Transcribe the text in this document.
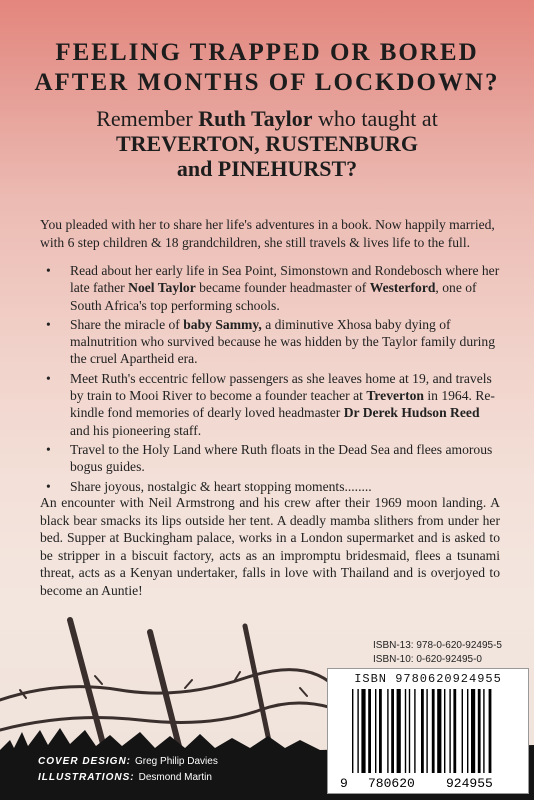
FEELING TRAPPED OR BORED
AFTER MONTHS OF LOCKDOWN?
Remember Ruth Taylor who taught at
TREVERTON, RUSTENBURG
and PINEHURST?

You pleaded with her to share her life's adventures in a book. Now happily married, with 6 step children & 18 grandchildren, she still travels & lives life to the full.

• Read about her early life in Sea Point, Simonstown and Rondebosch where her late father Noel Taylor became founder headmaster of Westerford, one of South Africa's top performing schools.
• Share the miracle of baby Sammy, a diminutive Xhosa baby dying of malnutrition who survived because he was hidden by the Taylor family during the cruel Apartheid era.
• Meet Ruth's eccentric fellow passengers as she leaves home at 19, and travels by train to Mooi River to become a founder teacher at Treverton in 1964. Re-kindle fond memories of dearly loved headmaster Dr Derek Hudson Reed and his pioneering staff.
• Travel to the Holy Land where Ruth floats in the Dead Sea and flees amorous bogus guides.
• Share joyous, nostalgic & heart stopping moments........

An encounter with Neil Armstrong and his crew after their 1969 moon landing. A black bear smacks its lips outside her tent. A deadly mamba slithers from under her bed. Supper at Buckingham palace, works in a London supermarket and is asked to be stripper in a biscuit factory, acts as an impromptu bridesmaid, flees a tsunami threat, acts as a Kenyan undertaker, falls in love with Thailand and is overjoyed to become an Auntie!

ISBN-13: 978-0-620-92495-5
ISBN-10: 0-620-92495-0
ISBN 9780620924955
9 780620 924955
COVER DESIGN: Greg Philip Davies
ILLUSTRATIONS: Desmond Martin
